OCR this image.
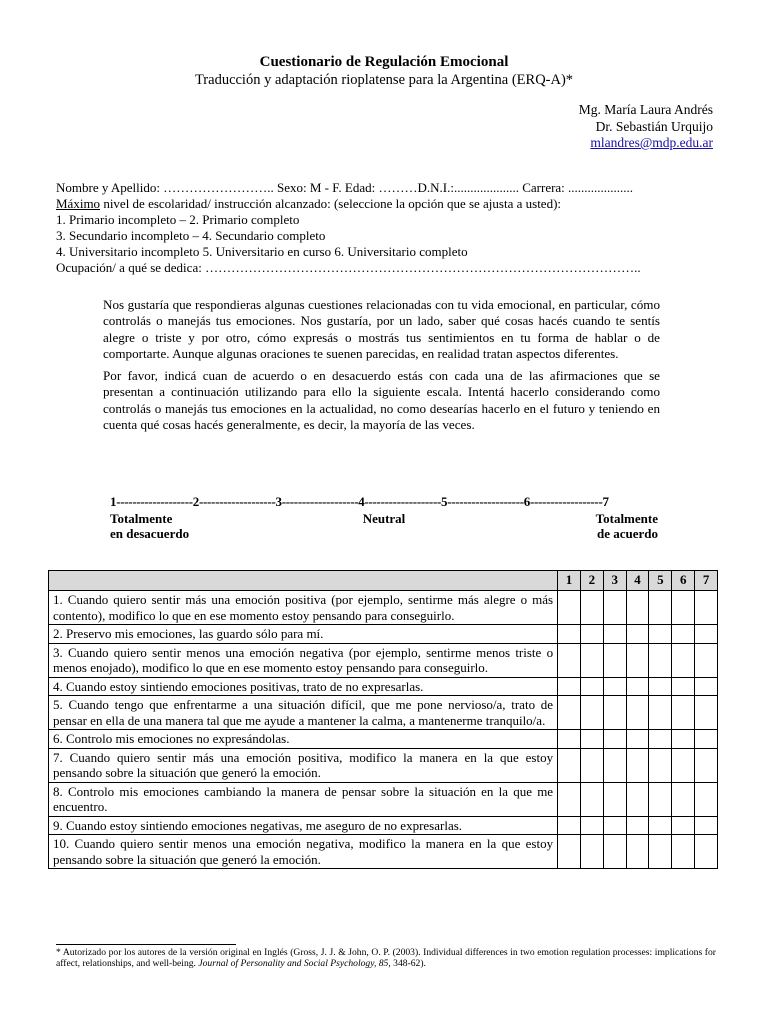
Cuestionario de Regulación Emocional
Traducción y adaptación rioplatense para la Argentina (ERQ-A)*
Mg. María Laura Andrés
Dr. Sebastián Urquijo
mlandres@mdp.edu.ar
Nombre y Apellido: …………………….. Sexo: M - F. Edad: ………D.N.I.:.................... Carrera: ....................
Máximo nivel de escolaridad/ instrucción alcanzado: (seleccione la opción que se ajusta a usted):
1. Primario incompleto – 2. Primario completo
3. Secundario incompleto – 4. Secundario completo
4. Universitario incompleto 5. Universitario en curso 6. Universitario completo
Ocupación/ a qué se dedica: ………………………………………………………………………………………..

Nos gustaría que respondieras algunas cuestiones relacionadas con tu vida emocional, en particular, cómo controlás o manejás tus emociones. Nos gustaría, por un lado, saber qué cosas hacés cuando te sentís alegre o triste y por otro, cómo expresás o mostrás tus sentimientos en tu forma de hablar o de comportarte. Aunque algunas oraciones te suenen parecidas, en realidad tratan aspectos diferentes.

Por favor, indicá cuan de acuerdo o en desacuerdo estás con cada una de las afirmaciones que se presentan a continuación utilizando para ello la siguiente escala. Intentá hacerlo considerando como controlás o manejás tus emociones en la actualidad, no como desearías hacerlo en el futuro y teniendo en cuenta qué cosas hacés generalmente, es decir, la mayoría de las veces.

1-------------------2-------------------3-------------------4-------------------5-------------------6------------------7
Totalmente
en desacuerdo
Neutral	Totalmente
de acuerdo
	1	2	3	4	5	6	7
1. Cuando quiero sentir más una emoción positiva (por ejemplo, sentirme más alegre o más contento), modifico lo que en ese momento estoy pensando para conseguirlo.							
2. Preservo mis emociones, las guardo sólo para mí.							
3. Cuando quiero sentir menos una emoción negativa (por ejemplo, sentirme menos triste o menos enojado), modifico lo que en ese momento estoy pensando para conseguirlo.							
4. Cuando estoy sintiendo emociones positivas, trato de no expresarlas.							
5. Cuando tengo que enfrentarme a una situación difícil, que me pone nervioso/a, trato de pensar en ella de una manera tal que me ayude a mantener la calma, a mantenerme tranquilo/a.							
6. Controlo mis emociones no expresándolas.							
7. Cuando quiero sentir más una emoción positiva, modifico la manera en la que estoy pensando sobre la situación que generó la emoción.							
8. Controlo mis emociones cambiando la manera de pensar sobre la situación en la que me encuentro.							
9. Cuando estoy sintiendo emociones negativas, me aseguro de no expresarlas.							
10. Cuando quiero sentir menos una emoción negativa, modifico la manera en la que estoy pensando sobre la situación que generó la emoción.							
* Autorizado por los autores de la versión original en Inglés (Gross, J. J. & John, O. P. (2003). Individual differences in two emotion regulation processes: implications for affect, relationships, and well-being. Journal of Personality and Social Psychology, 85, 348-62).
